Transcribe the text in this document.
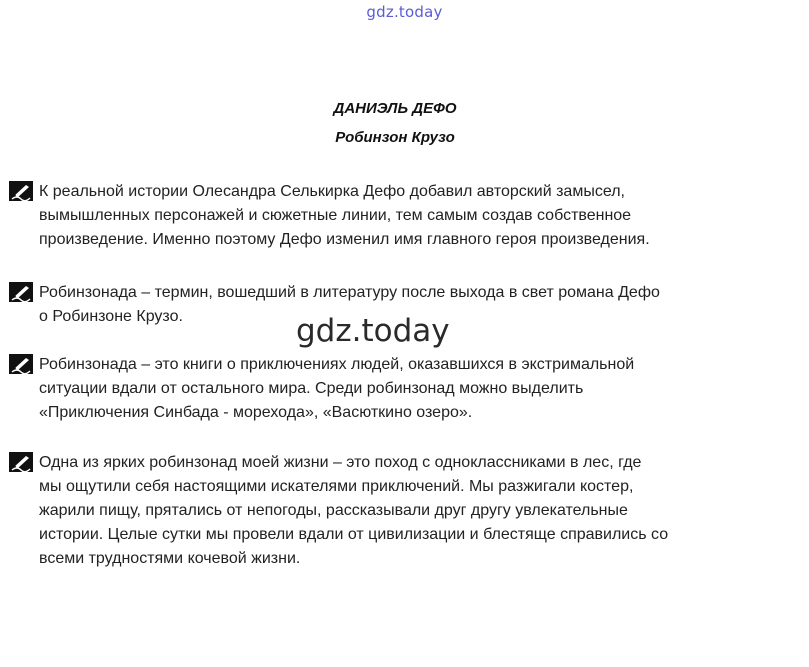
gdz.today
ДАНИЭЛЬ ДЕФО
Робинзон Крузо
К реальной истории Олесандра Селькирка Дефо добавил авторский замысел,
вымышленных персонажей и сюжетные линии, тем самым создав собственное
произведение. Именно поэтому Дефо изменил имя главного героя произведения.
Робинзонада – термин, вошедший в литературу после выхода в свет романа Дефо
о Робинзоне Крузо.	gdz.today
Робинзонада – это книги о приключениях людей, оказавшихся в экстримальной
ситуации вдали от остального мира. Среди робинзонад можно выделить
«Приключения Синбада - морехода», «Васюткино озеро».
Одна из ярких робинзонад моей жизни – это поход с одноклассниками в лес, где
мы ощутили себя настоящими искателями приключений. Мы разжигали костер,
жарили пищу, прятались от непогоды, рассказывали друг другу увлекательные
истории. Целые сутки мы провели вдали от цивилизации и блестяще справились со
всеми трудностями кочевой жизни.
